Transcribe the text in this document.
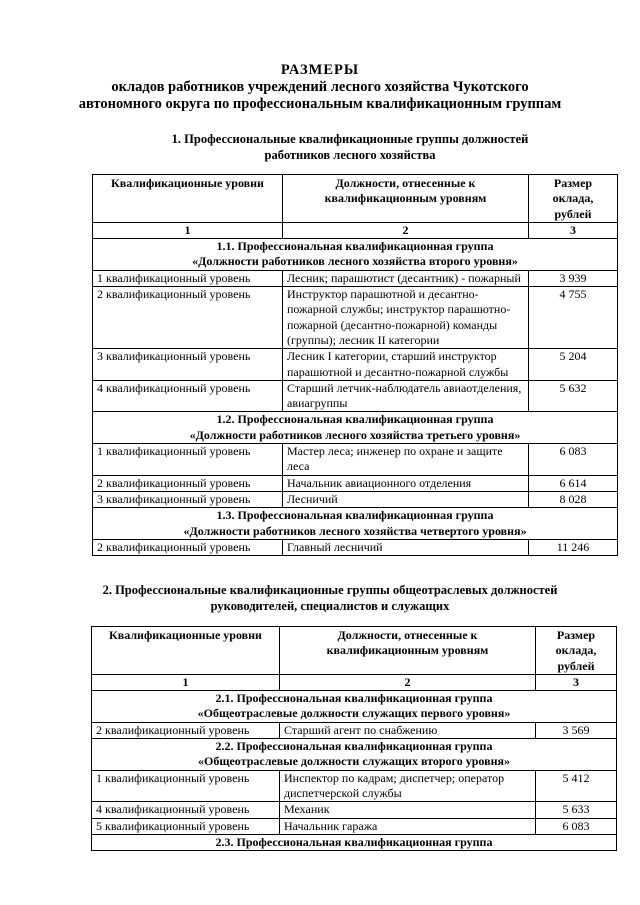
РАЗМЕРЫ
окладов работников учреждений лесного хозяйства Чукотского
автономного округа по профессиональным квалификационным группам
1. Профессиональные квалификационные группы должностей
работников лесного хозяйства
Квалификационные уровни	Должности, отнесенные к квалификационным уровням	Размер оклада, рублей
1	2	3

1.1. Профессиональная квалификационная группа
«Должности работников лесного хозяйства второго уровня»		

1 квалификационный уровень	Лесник; парашютист (десантник) - пожарный	3 939
2 квалификационный уровень	Инструктор парашютной и десантно-пожарной службы; инструктор парашютно-пожарной (десантно-пожарной) команды (группы); лесник II категории	4 755
3 квалификационный уровень	Лесник I категории, старший инструктор парашютной и десантно-пожарной службы	5 204
4 квалификационный уровень	Старший летчик-наблюдатель авиаотделения, авиагруппы	5 632

1.2. Профессиональная квалификационная группа
«Должности работников лесного хозяйства третьего уровня»		

1 квалификационный уровень	Мастер леса; инженер по охране и защите леса	6 083
2 квалификационный уровень	Начальник авиационного отделения	6 614
3 квалификационный уровень	Лесничий	8 028

1.3. Профессиональная квалификационная группа
«Должности работников лесного хозяйства четвертого уровня»		

2 квалификационный уровень	Главный лесничий	11 246
2. Профессиональные квалификационные группы общеотраслевых должностей
руководителей, специалистов и служащих
Квалификационные уровни	Должности, отнесенные к квалификационным уровням	Размер оклада, рублей
1	2	3

2.1. Профессиональная квалификационная группа
«Общеотраслевые должности служащих первого уровня»		

2 квалификационный уровень	Старший агент по снабжению	3 569

2.2. Профессиональная квалификационная группа
«Общеотраслевые должности служащих второго уровня»		

1 квалификационный уровень	Инспектор по кадрам; диспетчер; оператор диспетчерской службы	5 412
4 квалификационный уровень	Механик	5 633
5 квалификационный уровень	Начальник гаража	6 083

2.3. Профессиональная квалификационная группа		
